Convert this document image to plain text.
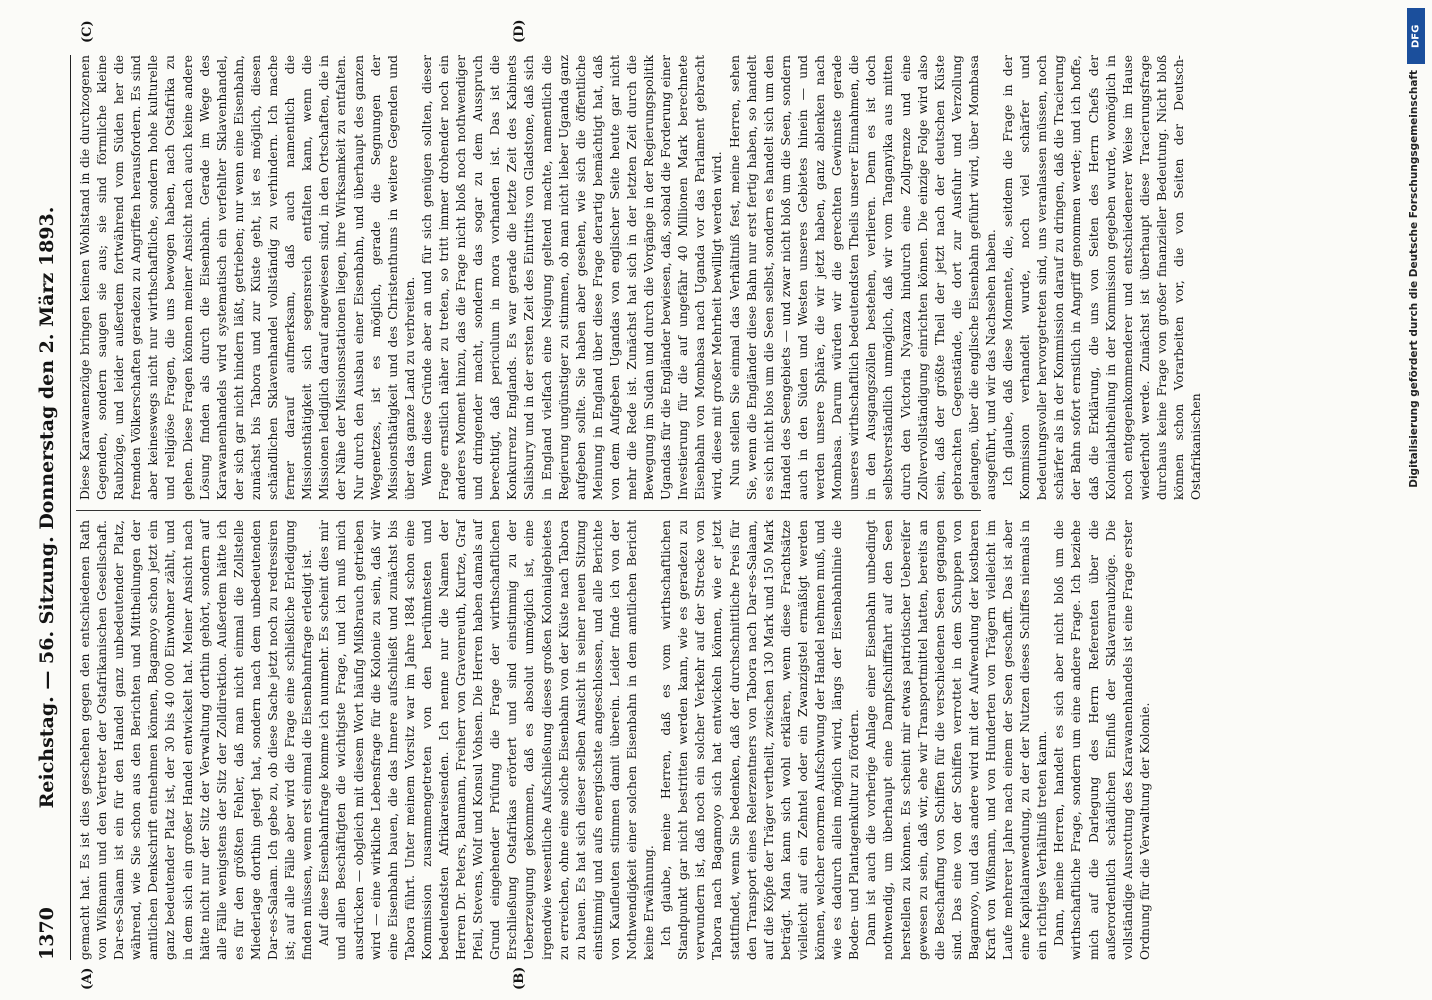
1370
Reichstag. — 56. Sitzung. Donnerstag den 2. März 1893.
(A)	(B)
(C)	(D)

gemacht hat. Es ist dies geschehen gegen den entschiedenen Rath von Wißmann und den Vertreter der Ostafrikanischen Gesellschaft. Dar-es-Salaam ist ein für den Handel ganz unbedeutender Platz, während, wie Sie schon aus den Berichten und Mittheilungen der amtlichen Denkschrift entnehmen können, Bagamoyo schon jetzt ein ganz bedeutender Platz ist, der 30 bis 40 000 Einwohner zählt, und in dem sich ein großer Handel entwickelt hat. Meiner Ansicht nach hätte nicht nur der Sitz der Verwaltung dorthin gehört, sondern auf alle Fälle wenigstens der Sitz der Zolldirektion. Außerdem hätte ich es für den größten Fehler, daß man nicht einmal die Zollstelle Miederlage dorthin gelegt hat, sondern nach dem unbedeutenden Dar-es-Salaam. Ich gebe zu, ob diese Sache jetzt noch zu redressiren ist; auf alle Fälle aber wird die Frage eine schließliche Erledigung finden müssen, wenn erst einmal die Eisenbahnfrage erledigt ist. Auf diese Eisenbahnfrage komme ich nunmehr. Es scheint dies mir und allen Beschäftigten die wichtigste Frage, und ich muß mich ausdrücken — obgleich mit diesem Wort häufig Mißbrauch getrieben wird — eine wirkliche Lebensfrage für die Kolonie zu sein, daß wir eine Eisenbahn bauen, die das Innere aufschließt und zunächst bis Tabora führt. Unter meinem Vorsitz war im Jahre 1884 schon eine Kommission zusammengetreten von den berühmtesten und bedeutendsten Afrikareisenden. Ich nenne nur die Namen der Herren Dr. Peters, Baumann, Freiherr von Gravenreuth, Kurtze, Graf Pfeil, Stevens, Wolf und Konsul Vohsen. Die Herren haben damals auf Grund eingehender Prüfung die Frage der wirthschaftlichen Erschließung Ostafrikas erörtert und sind einstimmig zu der Ueberzeugung gekommen, daß es absolut unmöglich ist, eine irgendwie wesentliche Aufschließung dieses großen Kolonialgebietes zu erreichen, ohne eine solche Eisenbahn von der Küste nach Tabora zu bauen. Es hat sich dieser selben Ansicht in seiner neuen Sitzung einstimmig und aufs energischste angeschlossen, und alle Berichte von Kaufleuten stimmen damit überein. Leider finde ich von der Nothwendigkeit einer solchen Eisenbahn in dem amtlichen Bericht keine Erwähnung. Ich glaube, meine Herren, daß es vom wirthschaftlichen Standpunkt gar nicht bestritten werden kann, wie es geradezu zu verwundern ist, daß noch ein solcher Verkehr auf der Strecke von Tabora nach Bagamoyo sich hat entwickeln können, wie er jetzt stattfindet, wenn Sie bedenken, daß der durchschnittliche Preis für den Transport eines Relerzentners von Tabora nach Dar-es-Salaam, auf die Köpfe der Träger vertheilt, zwischen 130 Mark und 150 Mark beträgt. Man kann sich wohl erklären, wenn diese Frachtsätze vielleicht auf ein Zehntel oder ein Zwanzigstel ermäßigt werden können, welcher enormen Aufschwung der Handel nehmen muß, und wie es dadurch allein möglich wird, längs der Eisenbahnlinie die Boden- und Plantagenkultur zu fördern. Dann ist auch die vorherige Anlage einer Eisenbahn unbedingt nothwendig, um überhaupt eine Dampfschifffahrt auf den Seen herstellen zu können. Es scheint mir etwas patriotischer Uebereifer gewesen zu sein, daß wir, ehe wir Transportmittel hatten, bereits an die Beschaffung von Schiffen für die verschiedenen Seen gegangen sind. Das eine von der Schiffen verrottet in dem Schuppen von Bagamoyo, und das andere wird mit der Aufwendung der kostbaren Kraft von Wißmann, und von Hunderten von Trägern vielleicht im Laufe mehrerer Jahre nach einem der Seen geschafft. Das ist aber eine Kapitalanwendung, zu der der Nutzen dieses Schiffes niemals in ein richtiges Verhältniß treten kann. Dann, meine Herren, handelt es sich aber nicht bloß um die wirthschaftliche Frage, sondern um eine andere Frage. Ich beziehe mich auf die Darlegung des Herrn Referenten über die außerordentlich schädlichen Einfluß der Sklavenraubzüge. Die vollständige Ausrottung des Karawanenhandels ist eine Frage erster Ordnung für die Verwaltung der Kolonie.

Diese Karawanenzüge bringen keinen Wohlstand in die durchzogenen Gegenden, sondern saugen sie aus; sie sind förmliche kleine Raubzüge, und leider außerdem fortwährend vom Süden her die fremden Völkerschaften geradezu zu Angriffen herausfordern. Es sind aber keineswegs nicht nur wirthschaftliche, sondern hohe kulturelle und religiöse Fragen, die uns bewogen haben, nach Ostafrika zu gehen. Diese Fragen können meiner Ansicht nach auch keine andere Lösung finden als durch die Eisenbahn. Gerade im Wege des Karawanenhandels wird systematisch ein verfehlter Sklavenhandel, der sich gar nicht hindern läßt, getrieben; nur wenn eine Eisenbahn, zunächst bis Tabora und zur Küste geht, ist es möglich, diesen schändlichen Sklavenhandel vollständig zu verhindern. Ich mache ferner darauf aufmerksam, daß auch namentlich die Missionsthätigkeit sich segensreich entfalten kann, wenn die Missionen lediglich darauf angewiesen sind, in den Ortschaften, die in der Nähe der Missionsstationen liegen, ihre Wirksamkeit zu entfalten. Nur durch den Ausbau einer Eisenbahn, und überhaupt des ganzen Wegenetzes, ist es möglich, gerade die Segnungen der Missionsthätigkeit und des Christenthums in weitere Gegenden und über das ganze Land zu verbreiten. Wenn diese Gründe aber an und für sich genügen sollten, dieser Frage ernstlich näher zu treten, so tritt immer drohender noch ein anderes Moment hinzu, das die Frage nicht bloß noch nothwendiger und dringender macht, sondern das sogar zu dem Ausspruch berechtigt, daß periculum in mora vorhanden ist. Das ist die Konkurrenz Englands. Es war gerade die letzte Zeit des Kabinets Salisbury und in der ersten Zeit des Eintritts von Gladstone, daß sich in England vielfach eine Neigung geltend machte, namentlich die Regierung ungünstiger zu stimmen, ob man nicht lieber Uganda ganz aufgeben sollte. Sie haben aber gesehen, wie sich die öffentliche Meinung in England über diese Frage derartig bemächtigt hat, daß von dem Aufgeben Ugandas von englischer Seite heute gar nicht mehr die Rede ist. Zunächst hat sich in der letzten Zeit durch die Bewegung im Sudan und durch die Vorgänge in der Regierungspolitik Ugandas für die Engländer bewiesen, daß, sobald die Forderung einer Investierung für die auf ungefähr 40 Millionen Mark berechnete Eisenbahn von Mombasa nach Uganda vor das Parlament gebracht wird, diese mit großer Mehrheit bewilligt werden wird. Nun stellen Sie einmal das Verhältniß fest, meine Herren, sehen Sie, wenn die Engländer diese Bahn nur erst fertig haben, so handelt es sich nicht blos um die Seen selbst, sondern es handelt sich um den Handel des Seengebiets — und zwar nicht bloß um die Seen, sondern auch in den Süden und Westen unseres Gebietes hinein — und werden unsere Sphäre, die wir jetzt haben, ganz ablenken nach Mombasa. Darum würden wir die gerechten Gewinnste gerade unseres wirthschaftlich bedeutendsten Theils unserer Einnahmen, die in den Ausgangszöllen bestehen, verlieren. Denn es ist doch selbstverständlich unmöglich, daß wir vom Tanganyika aus mitten durch den Victoria Nyanza hindurch eine Zollgrenze und eine Zollvervollständigung einrichten können. Die einzige Folge wird also sein, daß der größte Theil der jetzt nach der deutschen Küste gebrachten Gegenstände, die dort zur Ausfuhr und Verzollung gelangen, über die englische Eisenbahn geführt wird, über Mombasa ausgeführt, und wir das Nachsehen haben. Ich glaube, daß diese Momente, die, seitdem die Frage in der Kommission verhandelt wurde, noch viel schärfer und bedeutungsvoller hervorgetreten sind, uns veranlassen müssen, noch schärfer als in der Kommission darauf zu dringen, daß die Tracierung der Bahn sofort ernstlich in Angriff genommen werde; und ich hoffe, daß die Erklärung, die uns von Seiten des Herrn Chefs der Kolonialabtheilung in der Kommission gegeben wurde, womöglich in noch entgegenkommenderer und entschiedenerer Weise im Hause wiederholt werde. Zunächst ist überhaupt diese Tracierungsfrage durchaus keine Frage von großer finanzieller Bedeutung. Nicht bloß können schon Vorarbeiten vor, die von Seiten der Deutsch-Ostafrikanischen

DFG
Digitalisierung gefördert durch die Deutsche Forschungsgemeinschaft
